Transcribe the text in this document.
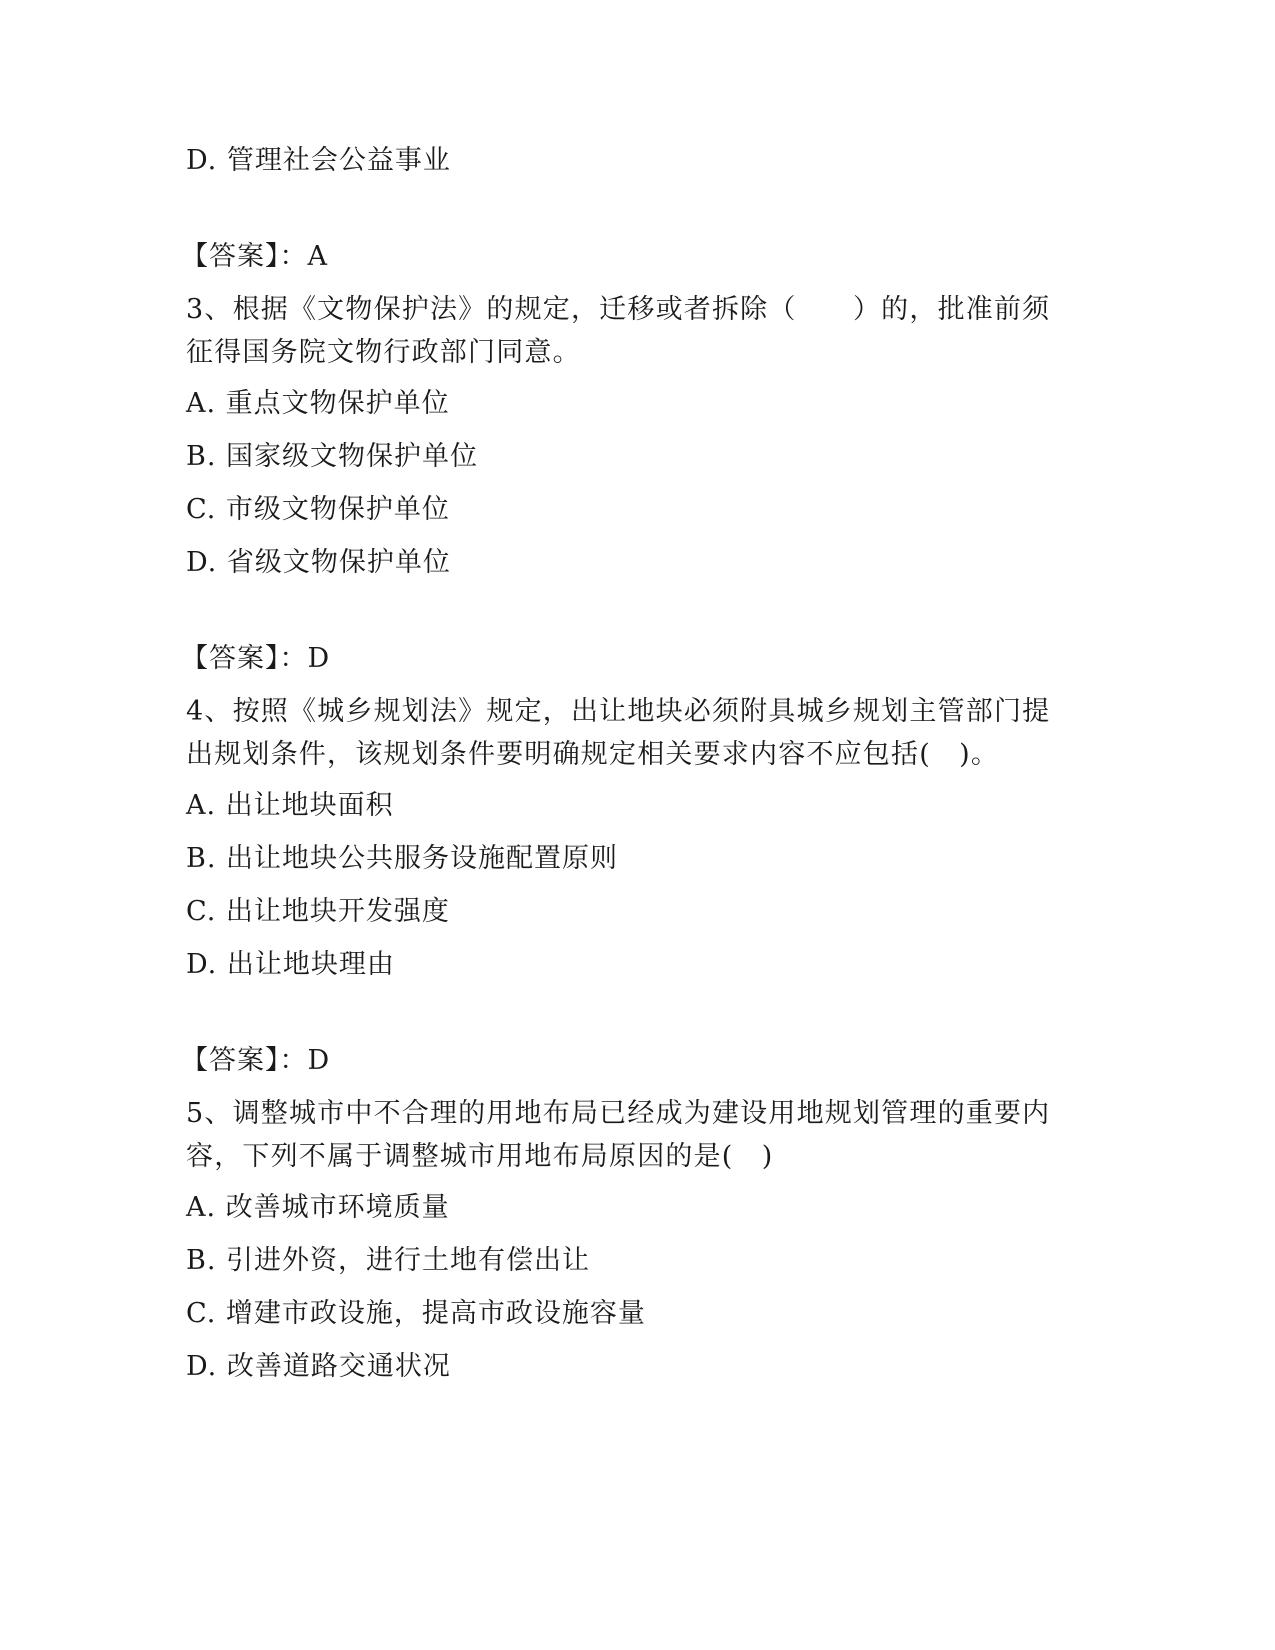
D. 管理社会公益事业
【答案】：A
3、根据《文物保护法》的规定，迁移或者拆除（　　）的，批准前须征得国务院文物行政部门同意。
A. 重点文物保护单位
B. 国家级文物保护单位
C. 市级文物保护单位
D. 省级文物保护单位
【答案】：D
4、按照《城乡规划法》规定，出让地块必须附具城乡规划主管部门提出规划条件，该规划条件要明确规定相关要求内容不应包括(　)。
A. 出让地块面积
B. 出让地块公共服务设施配置原则
C. 出让地块开发强度
D. 出让地块理由
【答案】：D
5、调整城市中不合理的用地布局已经成为建设用地规划管理的重要内容，下列不属于调整城市用地布局原因的是(　)
A. 改善城市环境质量
B. 引进外资，进行土地有偿出让
C. 增建市政设施，提高市政设施容量
D. 改善道路交通状况
